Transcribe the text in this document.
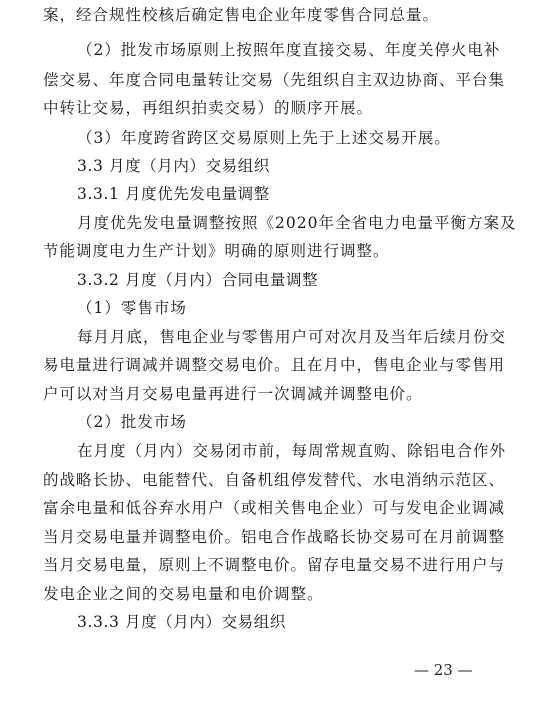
案，经合规性校核后确定售电企业年度零售合同总量。
（2）批发市场原则上按照年度直接交易、年度关停火电补
偿交易、年度合同电量转让交易（先组织自主双边协商、平台集
中转让交易，再组织拍卖交易）的顺序开展。
（3）年度跨省跨区交易原则上先于上述交易开展。
3.3 月度（月内）交易组织
3.3.1 月度优先发电量调整
月度优先发电量调整按照《2020年全省电力电量平衡方案及
节能调度电力生产计划》明确的原则进行调整。
3.3.2 月度（月内）合同电量调整
（1）零售市场
每月月底，售电企业与零售用户可对次月及当年后续月份交
易电量进行调减并调整交易电价。且在月中，售电企业与零售用
户可以对当月交易电量再进行一次调减并调整电价。
（2）批发市场
在月度（月内）交易闭市前，每周常规直购、除铝电合作外
的战略长协、电能替代、自备机组停发替代、水电消纳示范区、
富余电量和低谷弃水用户（或相关售电企业）可与发电企业调减
当月交易电量并调整电价。铝电合作战略长协交易可在月前调整
当月交易电量，原则上不调整电价。留存电量交易不进行用户与
发电企业之间的交易电量和电价调整。
3.3.3 月度（月内）交易组织
— 23 —
